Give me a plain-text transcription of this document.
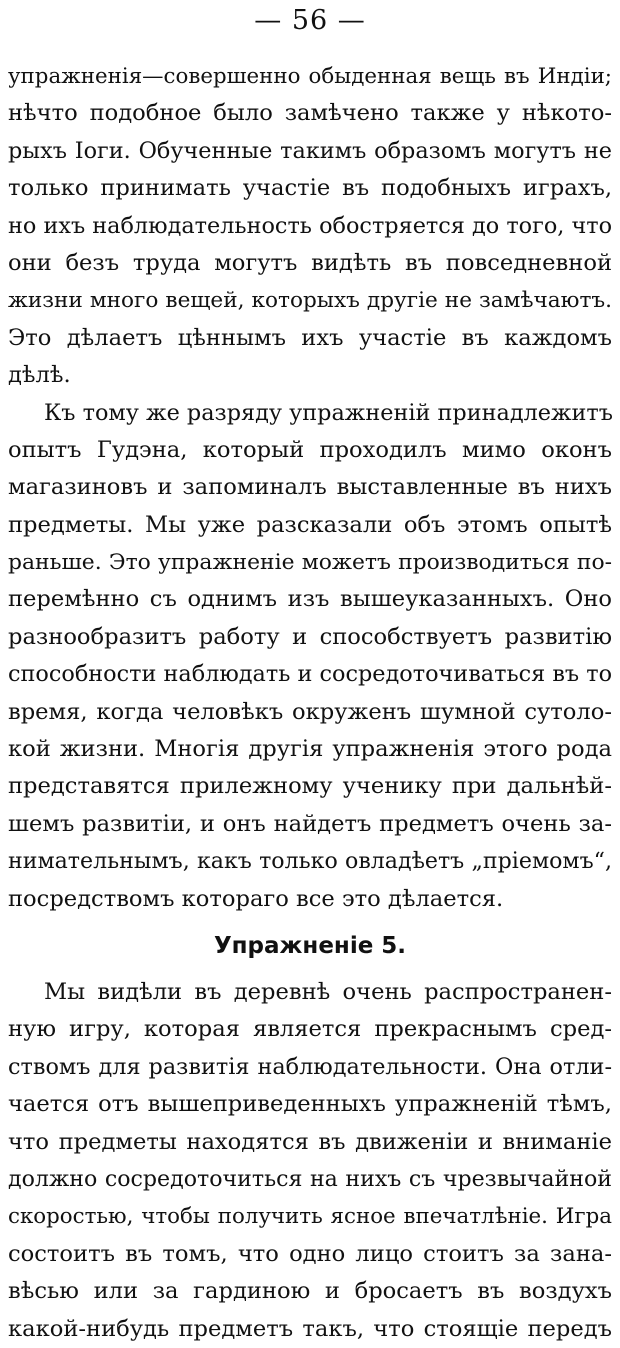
— 56 —
упражненія—совершенно обыденная вещь въ Индіи;
нѣчто подобное было замѣчено также у нѣкото-
рыхъ Іоги. Обученные такимъ образомъ могутъ не
только принимать участіе въ подобныхъ играхъ,
но ихъ наблюдательность обостряется до того, что
они безъ труда могутъ видѣть въ повседневной
жизни много вещей, которыхъ другіе не замѣчаютъ.
Это дѣлаетъ цѣннымъ ихъ участіе въ каждомъ
дѣлѣ.
Къ тому же разряду упражненій принадлежитъ
опытъ Гудэна, который проходилъ мимо оконъ
магазиновъ и запоминалъ выставленные въ нихъ
предметы. Мы уже разсказали объ этомъ опытѣ
раньше. Это упражненіе можетъ производиться по-
перемѣнно съ однимъ изъ вышеуказанныхъ. Оно
разнообразитъ работу и способствуетъ развитію
способности наблюдать и сосредоточиваться въ то
время, когда человѣкъ окруженъ шумной сутоло-
кой жизни. Многія другія упражненія этого рода
представятся прилежному ученику при дальнѣй-
шемъ развитіи, и онъ найдетъ предметъ очень за-
нимательнымъ, какъ только овладѣетъ „пріемомъ“,
посредствомъ котораго все это дѣлается.
Упражненіе 5.
Мы видѣли въ деревнѣ очень распространен-
ную игру, которая является прекраснымъ сред-
ствомъ для развитія наблюдательности. Она отли-
чается отъ вышеприведенныхъ упражненій тѣмъ,
что предметы находятся въ движеніи и вниманіе
должно сосредоточиться на нихъ съ чрезвычайной
скоростью, чтобы получить ясное впечатлѣніе. Игра
состоитъ въ томъ, что одно лицо стоитъ за зана-
вѣсью или за гардиною и бросаетъ въ воздухъ
какой-нибудь предметъ такъ, что стоящіе передъ
